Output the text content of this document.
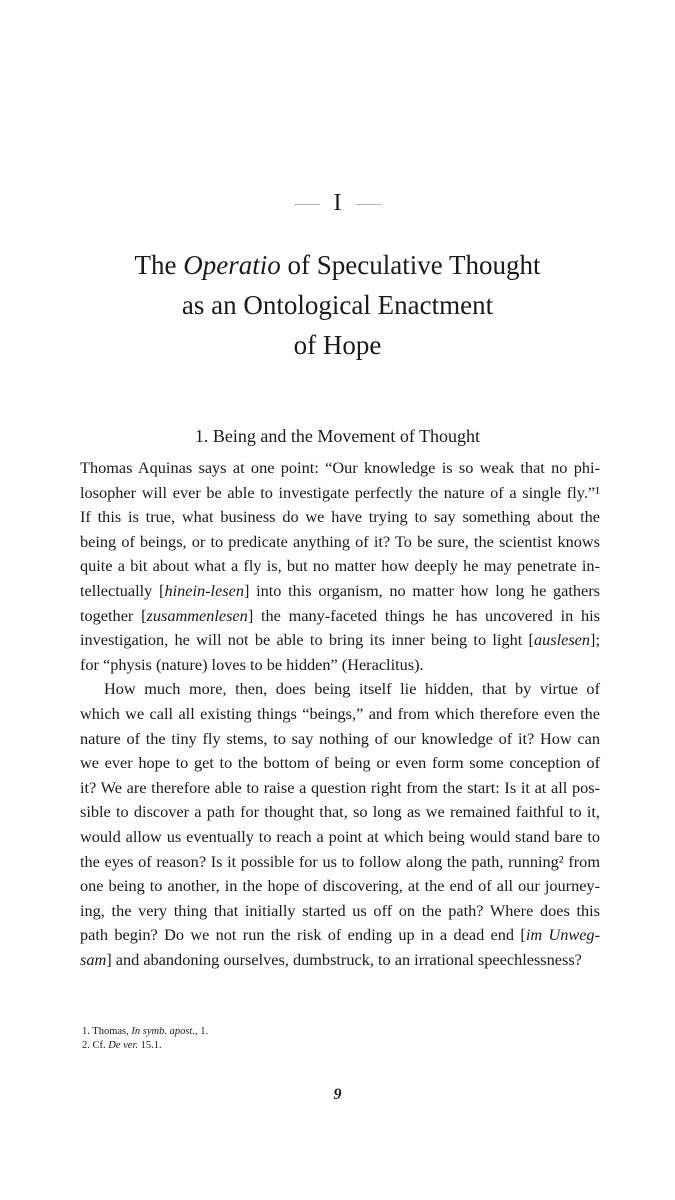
I
The Operatio of Speculative Thought
as an Ontological Enactment
of Hope
1. Being and the Movement of Thought
Thomas Aquinas says at one point: “Our knowledge is so weak that no phi-
losopher will ever be able to investigate perfectly the nature of a single fly.”¹
If this is true, what business do we have trying to say something about the
being of beings, or to predicate anything of it? To be sure, the scientist knows
quite a bit about what a fly is, but no matter how deeply he may penetrate in-
tellectually [hinein-lesen] into this organism, no matter how long he gathers
together [zusammenlesen] the many-faceted things he has uncovered in his
investigation, he will not be able to bring its inner being to light [auslesen];
for “physis (nature) loves to be hidden” (Heraclitus).
How much more, then, does being itself lie hidden, that by virtue of
which we call all existing things “beings,” and from which therefore even the
nature of the tiny fly stems, to say nothing of our knowledge of it? How can
we ever hope to get to the bottom of being or even form some conception of
it? We are therefore able to raise a question right from the start: Is it at all pos-
sible to discover a path for thought that, so long as we remained faithful to it,
would allow us eventually to reach a point at which being would stand bare to
the eyes of reason? Is it possible for us to follow along the path, running² from
one being to another, in the hope of discovering, at the end of all our journey-
ing, the very thing that initially started us off on the path? Where does this
path begin? Do we not run the risk of ending up in a dead end [im Unweg-
sam] and abandoning ourselves, dumbstruck, to an irrational speechlessness?
1. Thomas, In symb. apost., 1.
2. Cf. De ver. 15.1.
9
